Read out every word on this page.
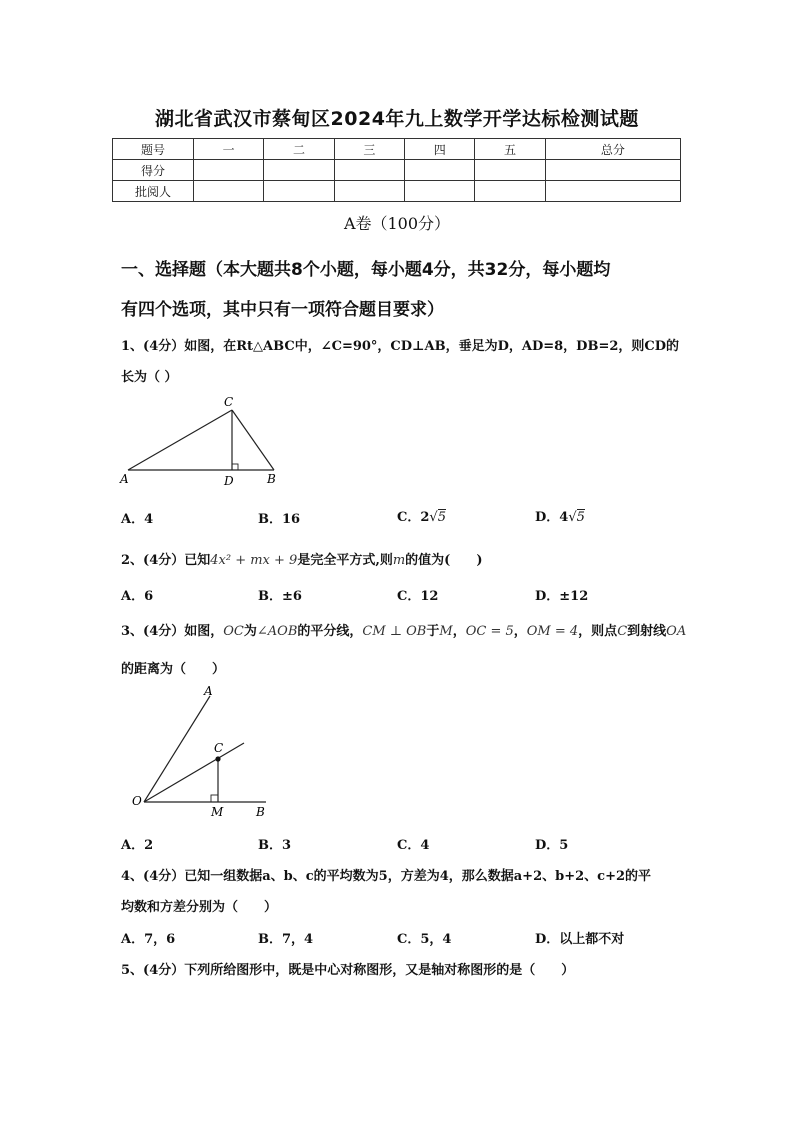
湖北省武汉市蔡甸区2024年九上数学开学达标检测试题
题号	一	二	三	四	五	总分
得分						
批阅人						
A卷（100分）
一、选择题（本大题共8个小题，每小题4分，共32分，每小题均
有四个选项，其中只有一项符合题目要求）
1、(4分）如图，在Rt△ABC中，∠C=90°，CD⊥AB，垂足为D，AD=8，DB=2，则CD的
长为（ ）
C
A	D	B
A．4	B．16	C．2√5	D．4√5
2、(4分）已知4x² + mx + 9是完全平方式,则m的值为(　　)
A．6	B．±6	C．12	D．±12
3、(4分）如图，OC为∠AOB的平分线，CM ⊥ OB于M，OC = 5，OM = 4，则点C到射线OA
的距离为（　　）
A
C
O
M	B
A．2	B．3	C．4	D．5
4、(4分）已知一组数据a、b、c的平均数为5，方差为4，那么数据a+2、b+2、c+2的平
均数和方差分别为（　　）
A．7，6	B．7，4	C．5，4	D．以上都不对
5、(4分）下列所给图形中，既是中心对称图形，又是轴对称图形的是（　　）
